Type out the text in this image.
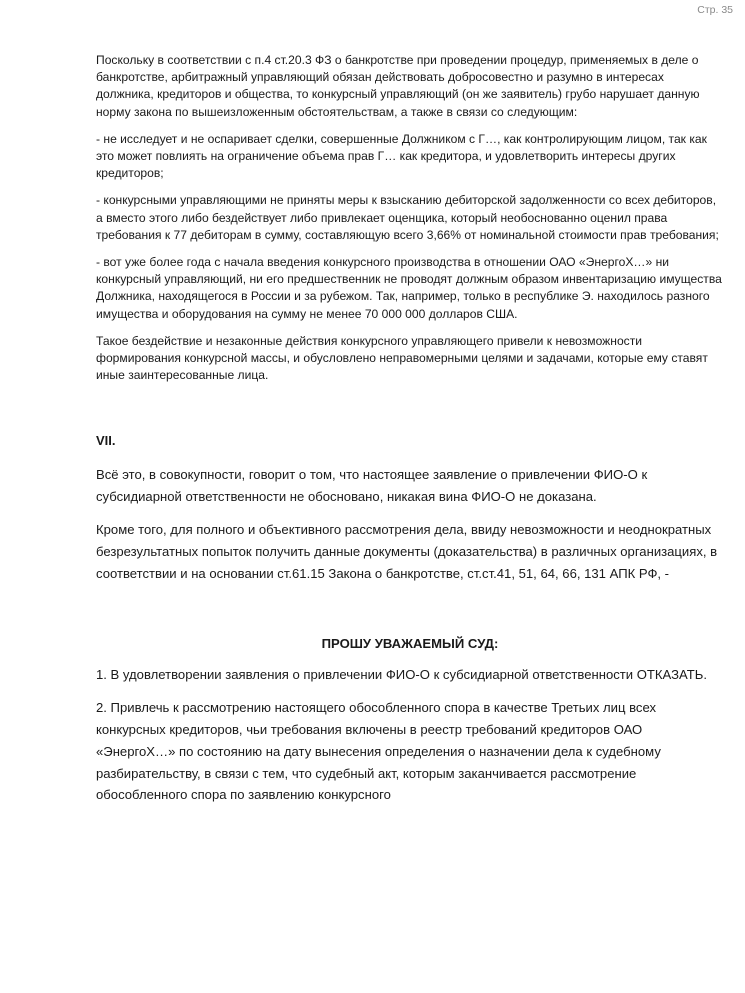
Стр. 35

Поскольку в соответствии с п.4 ст.20.3 ФЗ о банкротстве при проведении процедур, применяемых в деле о банкротстве, арбитражный управляющий обязан действовать добросовестно и разумно в интересах должника, кредиторов и общества, то конкурсный управляющий (он же заявитель) грубо нарушает данную норму закона по вышеизложенным обстоятельствам, а также в связи со следующим:

- не исследует и не оспаривает сделки, совершенные Должником с Г…, как контролирующим лицом, так как это может повлиять на ограничение объема прав Г… как кредитора, и удовлетворить интересы других кредиторов;

- конкурсными управляющими не приняты меры к взысканию дебиторской задолженности со всех дебиторов, а вместо этого либо бездействует либо привлекает оценщика, который необоснованно оценил права требования к 77 дебиторам в сумму, составляющую всего 3,66% от номинальной стоимости прав требования;

- вот уже более года с начала введения конкурсного производства в отношении ОАО «ЭнергоХ…» ни конкурсный управляющий, ни его предшественник не проводят должным образом инвентаризацию имущества Должника, находящегося в России и за рубежом. Так, например, только в республике Э. находилось разного имущества и оборудования на сумму не менее 70 000 000 долларов США.

Такое бездействие и незаконные действия конкурсного управляющего привели к невозможности формирования конкурсной массы, и обусловлено неправомерными целями и задачами, которые ему ставят иные заинтересованные лица.

VII.

Всё это, в совокупности, говорит о том, что настоящее заявление о привлечении ФИО-О к субсидиарной ответственности не обосновано, никакая вина ФИО-О не доказана.

Кроме того, для полного и объективного рассмотрения дела, ввиду невозможности и неоднократных безрезультатных попыток получить данные документы (доказательства) в различных организациях, в соответствии и на основании ст.61.15 Закона о банкротстве, ст.ст.41, 51, 64, 66, 131 АПК РФ, -

ПРОШУ УВАЖАЕМЫЙ СУД:

1. В удовлетворении заявления о привлечении ФИО-О к субсидиарной ответственности ОТКАЗАТЬ.

2. Привлечь к рассмотрению настоящего обособленного спора в качестве Третьих лиц всех конкурсных кредиторов, чьи требования включены в реестр требований кредиторов ОАО «ЭнергоХ…» по состоянию на дату вынесения определения о назначении дела к судебному разбирательству, в связи с тем, что судебный акт, которым заканчивается рассмотрение обособленного спора по заявлению конкурсного
